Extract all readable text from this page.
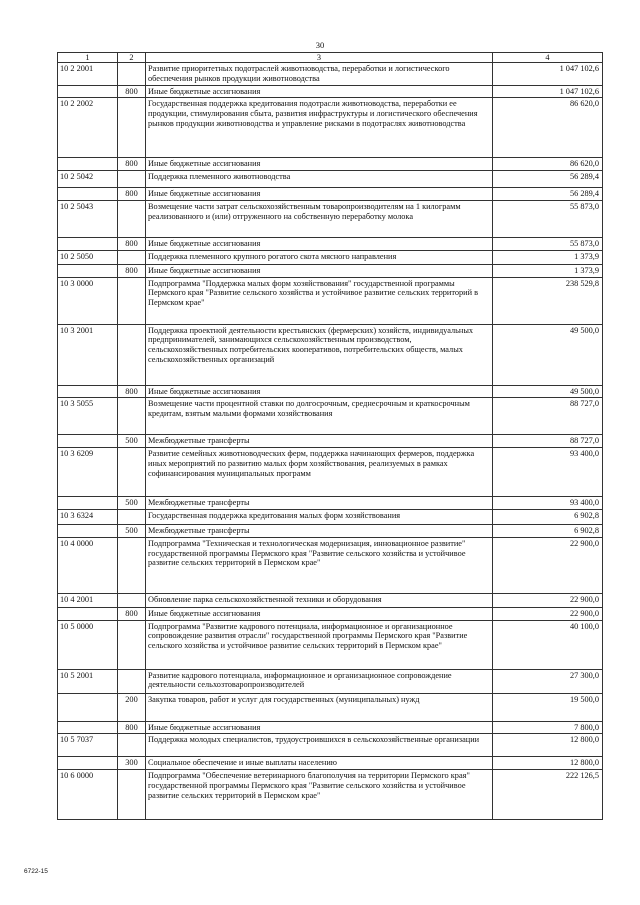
30
1	2	3	4
10 2 2001		Развитие приоритетных подотраслей животноводства, переработки и логистического обеспечения рынков продукции животноводства	1 047 102,6
	800	Иные бюджетные ассигнования	1 047 102,6
10 2 2002		Государственная поддержка кредитования подотрасли животноводства, переработки ее продукции, стимулирования сбыта, развития инфраструктуры и логистического обеспечения рынков продукции животноводства и управление рисками в подотраслях животноводства	86 620,0
	800	Иные бюджетные ассигнования	86 620,0
10 2 5042		Поддержка племенного животноводства	56 289,4
	800	Иные бюджетные ассигнования	56 289,4
10 2 5043		Возмещение части затрат сельскохозяйственным товаропроизводителям на 1 килограмм реализованного и (или) отгруженного на собственную переработку молока	55 873,0
	800	Иные бюджетные ассигнования	55 873,0
10 2 5050		Поддержка племенного крупного рогатого скота мясного направления	1 373,9
	800	Иные бюджетные ассигнования	1 373,9
10 3 0000		Подпрограмма "Поддержка малых форм хозяйствования" государственной программы Пермского края "Развитие сельского хозяйства и устойчивое развитие сельских территорий в Пермском крае"	238 529,8
10 3 2001		Поддержка проектной деятельности крестьянских (фермерских) хозяйств, индивидуальных предпринимателей, занимающихся сельскохозяйственным производством, сельскохозяйственных потребительских кооперативов, потребительских обществ, малых сельскохозяйственных организаций	49 500,0
	800	Иные бюджетные ассигнования	49 500,0
10 3 5055		Возмещение части процентной ставки по долгосрочным, среднесрочным и краткосрочным кредитам, взятым малыми формами хозяйствования	88 727,0
	500	Межбюджетные трансферты	88 727,0
10 3 6209		Развитие семейных животноводческих ферм, поддержка начинающих фермеров, поддержка иных мероприятий по развитию малых форм хозяйствования, реализуемых в рамках софинансирования муниципальных программ	93 400,0
	500	Межбюджетные трансферты	93 400,0
10 3 6324		Государственная поддержка кредитования малых форм хозяйствования	6 902,8
	500	Межбюджетные трансферты	6 902,8
10 4 0000		Подпрограмма "Техническая и технологическая модернизация, инновационное развитие" государственной программы Пермского края "Развитие сельского хозяйства и устойчивое развитие сельских территорий в Пермском крае"	22 900,0
10 4 2001		Обновление парка сельскохозяйственной техники и оборудования	22 900,0
	800	Иные бюджетные ассигнования	22 900,0
10 5 0000		Подпрограмма "Развитие кадрового потенциала, информационное и организационное сопровождение развития отрасли" государственной программы Пермского края "Развитие сельского хозяйства и устойчивое развитие сельских территорий в Пермском крае"	40 100,0
10 5 2001		Развитие кадрового потенциала, информационное и организационное сопровождение деятельности сельхозтоваропроизводителей	27 300,0
	200	Закупка товаров, работ и услуг для государственных (муниципальных) нужд	19 500,0
	800	Иные бюджетные ассигнования	7 800,0
10 5 7037		Поддержка молодых специалистов, трудоустроившихся в сельскохозяйственные организации	12 800,0
	300	Социальное обеспечение и иные выплаты населению	12 800,0
10 6 0000		Подпрограмма "Обеспечение ветеринарного благополучия на территории Пермского края" государственной программы Пермского края "Развитие сельского хозяйства и устойчивое развитие сельских территорий в Пермском крае"	222 126,5
6722-15
